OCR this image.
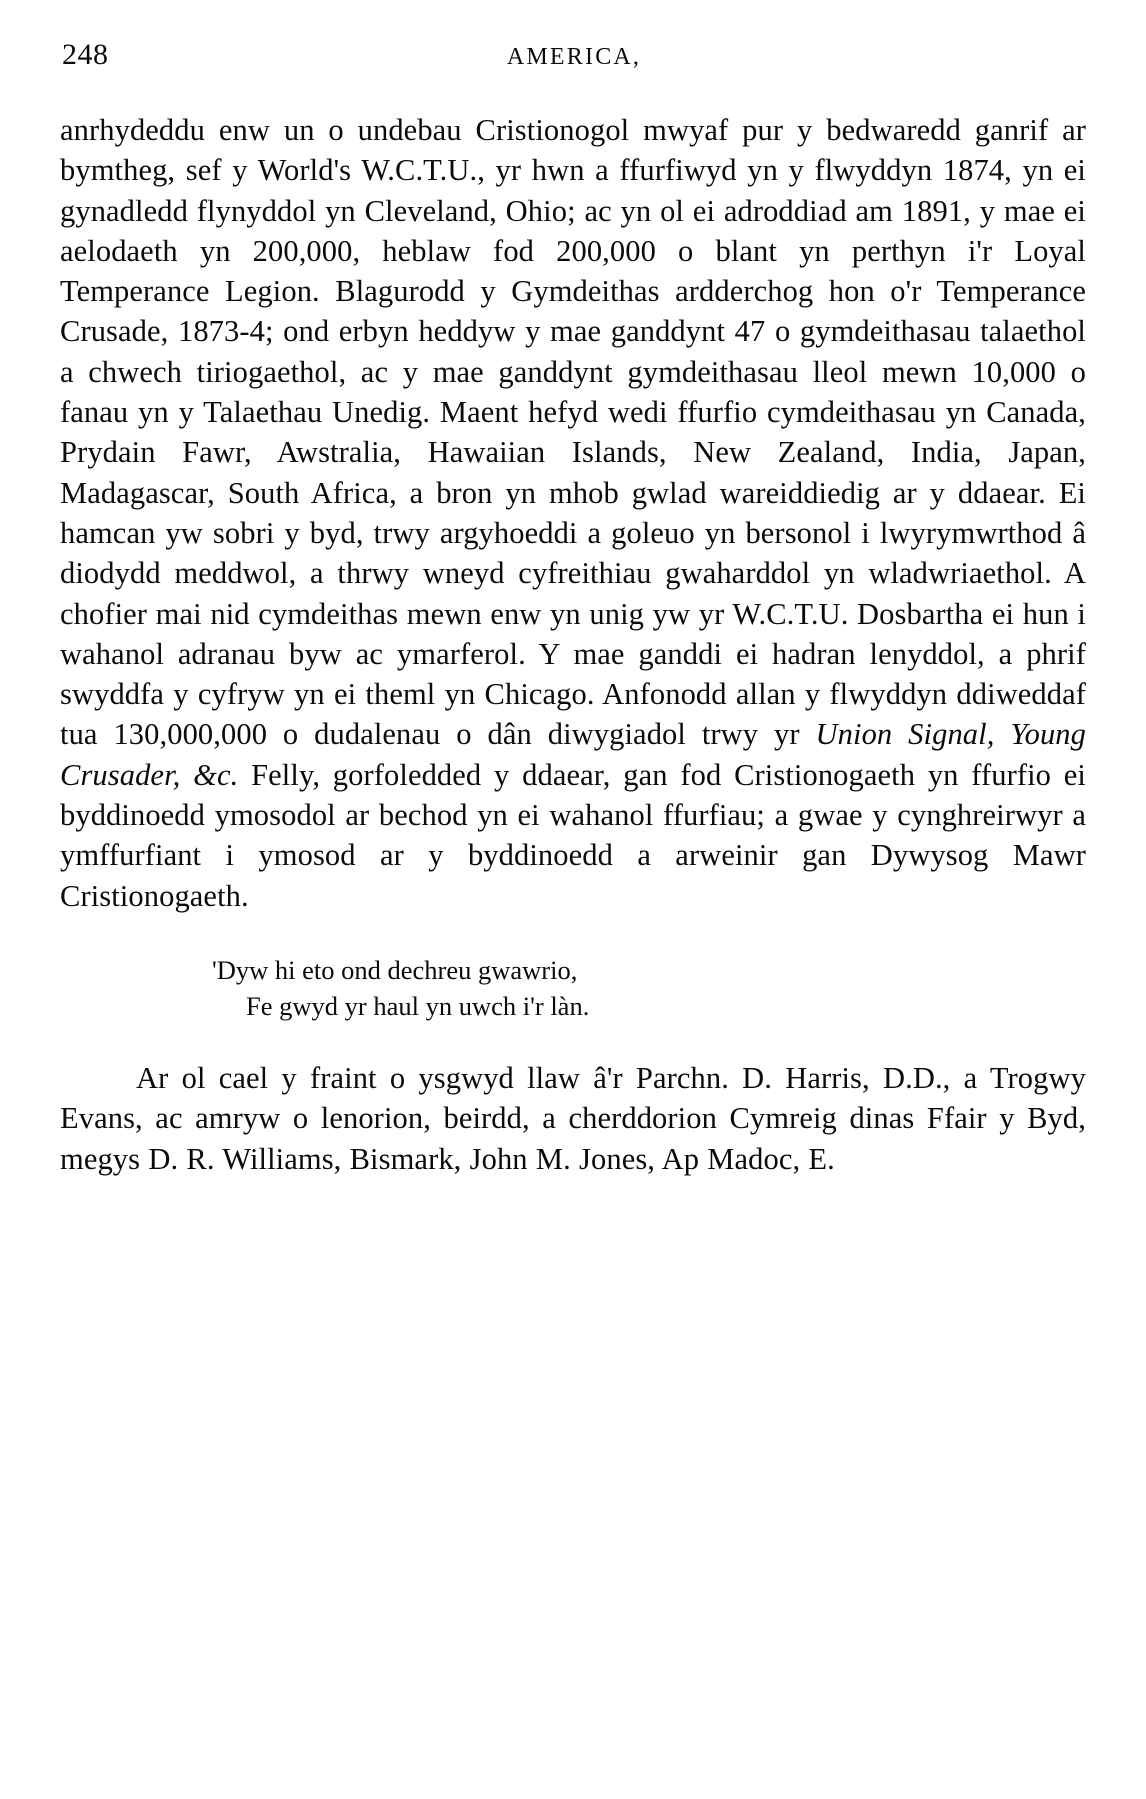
248	AMERICA,

anrhydeddu enw un o undebau Cristionogol mwyaf pur y bedwaredd ganrif ar bymtheg, sef y World's W.C.T.U., yr hwn a ffurfiwyd yn y flwyddyn 1874, yn ei gynadledd flynyddol yn Cleveland, Ohio; ac yn ol ei adroddiad am 1891, y mae ei aelodaeth yn 200,000, heblaw fod 200,000 o blant yn perthyn i'r Loyal Temperance Legion. Blagurodd y Gymdeithas ardderchog hon o'r Temperance Crusade, 1873-4; ond erbyn heddyw y mae ganddynt 47 o gymdeithasau talaethol a chwech tiriogaethol, ac y mae ganddynt gymdeithasau lleol mewn 10,000 o fanau yn y Talaethau Unedig. Maent hefyd wedi ffurfio cymdeithasau yn Canada, Prydain Fawr, Awstralia, Hawaiian Islands, New Zealand, India, Japan, Madagascar, South Africa, a bron yn mhob gwlad wareiddiedig ar y ddaear. Ei hamcan yw sobri y byd, trwy argyhoeddi a goleuo yn bersonol i lwyrymwrthod â diodydd meddwol, a thrwy wneyd cyfreithiau gwaharddol yn wladwriaethol. A chofier mai nid cymdeithas mewn enw yn unig yw yr W.C.T.U. Dosbartha ei hun i wahanol adranau byw ac ymarferol. Y mae ganddi ei hadran lenyddol, a phrif swyddfa y cyfryw yn ei theml yn Chicago. Anfonodd allan y flwyddyn ddiweddaf tua 130,000,000 o dudalenau o dân diwygiadol trwy yr Union Signal, Young Crusader, &c. Felly, gorfoledded y ddaear, gan fod Cristionogaeth yn ffurfio ei byddinoedd ymosodol ar bechod yn ei wahanol ffurfiau; a gwae y cynghreirwyr a ymffurfiant i ymosod ar y byddinoedd a arweinir gan Dywysog Mawr Cristionogaeth.

'Dyw hi eto ond dechreu gwawrio,
Fe gwyd yr haul yn uwch i'r làn.

Ar ol cael y fraint o ysgwyd llaw â'r Parchn. D. Harris, D.D., a Trogwy Evans, ac amryw o lenorion, beirdd, a cherddorion Cymreig dinas Ffair y Byd, megys D. R. Williams, Bismark, John M. Jones, Ap Madoc, E.
